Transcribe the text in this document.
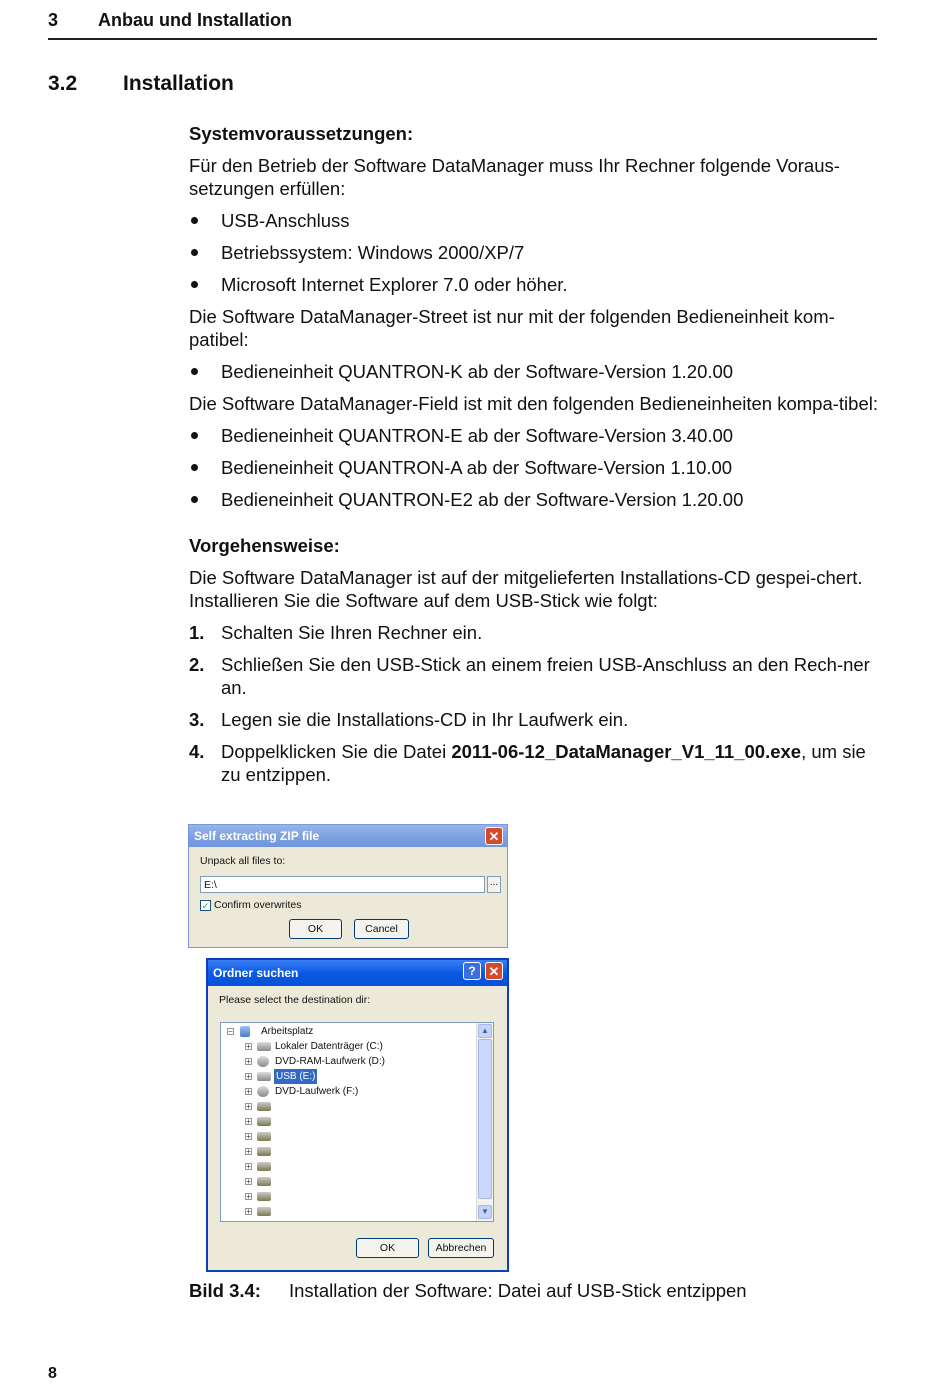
3 Anbau und Installation
3.2 Installation
Systemvoraussetzungen:
Für den Betrieb der Software DataManager muss Ihr Rechner folgende Voraus-setzungen erfüllen:
USB-Anschluss
Betriebssystem: Windows 2000/XP/7
Microsoft Internet Explorer 7.0 oder höher.
Die Software DataManager-Street ist nur mit der folgenden Bedieneinheit kom-patibel:
Bedieneinheit QUANTRON-K ab der Software-Version 1.20.00
Die Software DataManager-Field ist mit den folgenden Bedieneinheiten kompa-tibel:
Bedieneinheit QUANTRON-E ab der Software-Version 3.40.00
Bedieneinheit QUANTRON-A ab der Software-Version 1.10.00
Bedieneinheit QUANTRON-E2 ab der Software-Version 1.20.00
Vorgehensweise:
Die Software DataManager ist auf der mitgelieferten Installations-CD gespei-chert. Installieren Sie die Software auf dem USB-Stick wie folgt:
1. Schalten Sie Ihren Rechner ein.
2. Schließen Sie den USB-Stick an einem freien USB-Anschluss an den Rech-ner an.
3. Legen sie die Installations-CD in Ihr Laufwerk ein.
4. Doppelklicken Sie die Datei 2011-06-12_DataManager_V1_11_00.exe, um sie zu entzippen.
Self extracting ZIP file	✕
Unpack all files to:
E:\	...
✓ Confirm overwrites
OK	Cancel
Ordner suchen	? ✕
Please select the destination dir:
−	Arbeitsplatz
+ Lokaler Datenträger (C:)
+ DVD-RAM-Laufwerk (D:)
+	USB (E:)
+ DVD-Laufwerk (F:)
+
+
+
+
+
+
+
+
▲
▼
OK	Abbrechen
Bild 3.4: Installation der Software: Datei auf USB-Stick entzippen
8
